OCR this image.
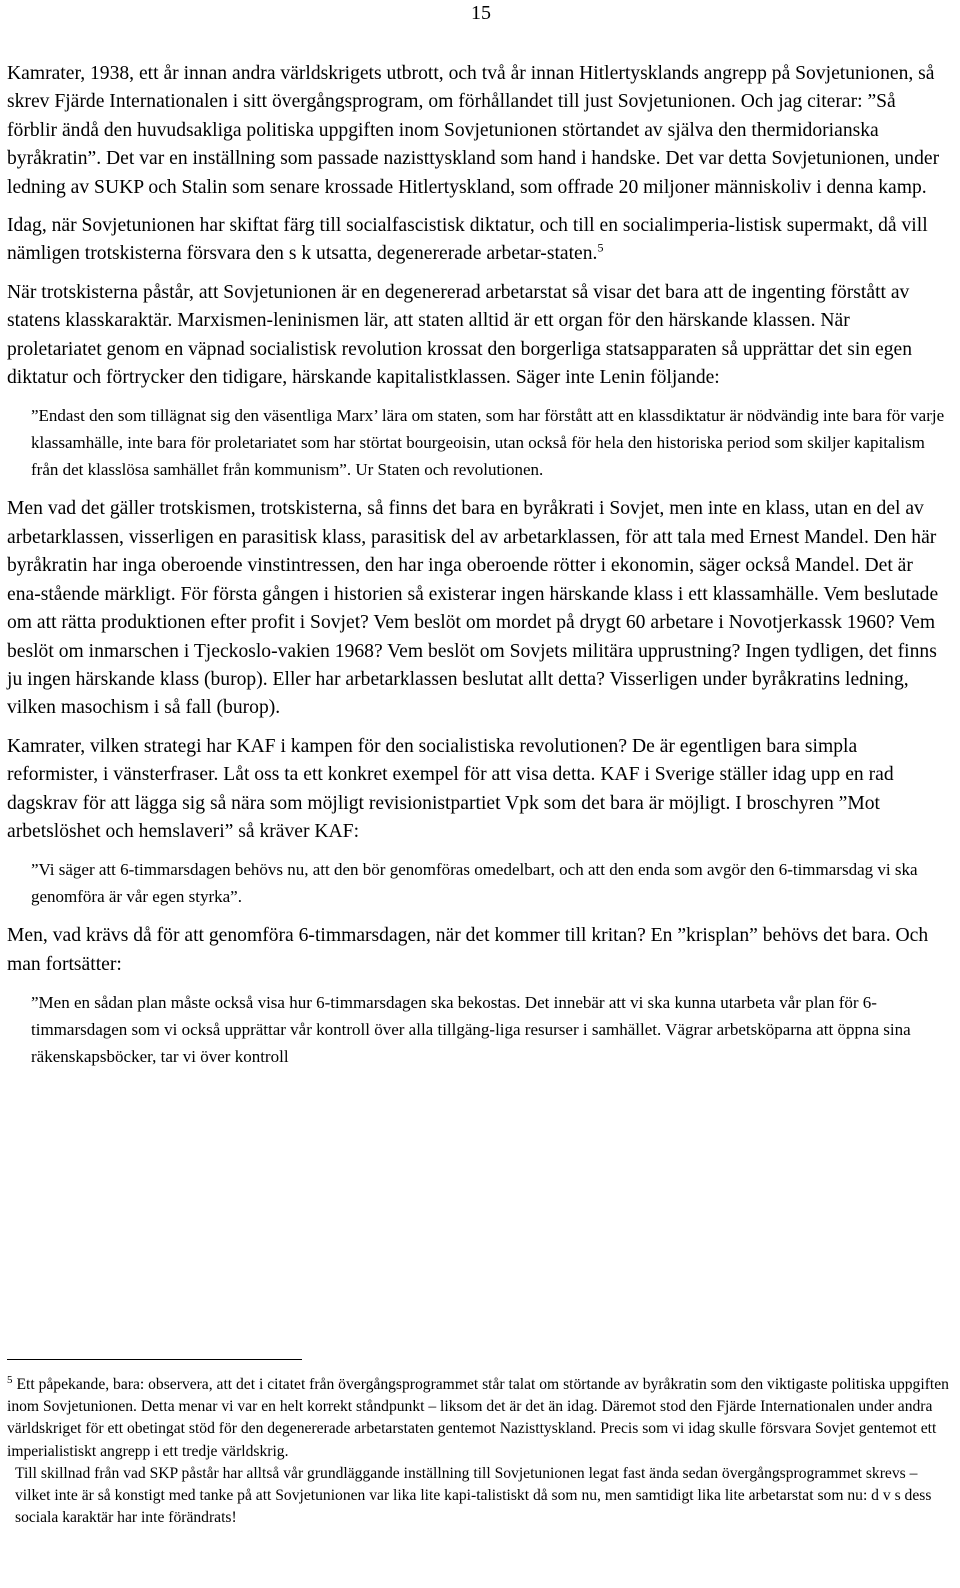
15

Kamrater, 1938, ett år innan andra världskrigets utbrott, och två år innan Hitlertysklands angrepp på Sovjetunionen, så skrev Fjärde Internationalen i sitt övergångsprogram, om förhållandet till just Sovjetunionen. Och jag citerar: ”Så förblir ändå den huvudsakliga politiska uppgiften inom Sovjetunionen störtandet av själva den thermidorianska byråkratin”. Det var en inställning som passade nazisttyskland som hand i handske. Det var detta Sovjetunionen, under ledning av SUKP och Stalin som senare krossade Hitlertyskland, som offrade 20 miljoner människoliv i denna kamp.

Idag, när Sovjetunionen har skiftat färg till socialfascistisk diktatur, och till en socialimperia-listisk supermakt, då vill nämligen trotskisterna försvara den s k utsatta, degenererade arbetar-staten.$^5$

När trotskisterna påstår, att Sovjetunionen är en degenererad arbetarstat så visar det bara att de ingenting förstått av statens klasskaraktär. Marxismen-leninismen lär, att staten alltid är ett organ för den härskande klassen. När proletariatet genom en väpnad socialistisk revolution krossat den borgerliga statsapparaten så upprättar det sin egen diktatur och förtrycker den tidigare, härskande kapitalistklassen. Säger inte Lenin följande:

”Endast den som tillägnat sig den väsentliga Marx’ lära om staten, som har förstått att en klassdiktatur är nödvändig inte bara för varje klassamhälle, inte bara för proletariatet som har störtat bourgeoisin, utan också för hela den historiska period som skiljer kapitalism från det klasslösa samhället från kommunism”. Ur Staten och revolutionen.

Men vad det gäller trotskismen, trotskisterna, så finns det bara en byråkrati i Sovjet, men inte en klass, utan en del av arbetarklassen, visserligen en parasitisk klass, parasitisk del av arbetarklassen, för att tala med Ernest Mandel. Den här byråkratin har inga oberoende vinstintressen, den har inga oberoende rötter i ekonomin, säger också Mandel. Det är ena-stående märkligt. För första gången i historien så existerar ingen härskande klass i ett klassamhälle. Vem beslutade om att rätta produktionen efter profit i Sovjet? Vem beslöt om mordet på drygt 60 arbetare i Novotjerkassk 1960? Vem beslöt om inmarschen i Tjeckoslo-vakien 1968? Vem beslöt om Sovjets militära upprustning? Ingen tydligen, det finns ju ingen härskande klass (burop). Eller har arbetarklassen beslutat allt detta? Visserligen under byråkratins ledning, vilken masochism i så fall (burop).

Kamrater, vilken strategi har KAF i kampen för den socialistiska revolutionen? De är egentligen bara simpla reformister, i vänsterfraser. Låt oss ta ett konkret exempel för att visa detta. KAF i Sverige ställer idag upp en rad dagskrav för att lägga sig så nära som möjligt revisionistpartiet Vpk som det bara är möjligt. I broschyren ”Mot arbetslöshet och hemslaveri” så kräver KAF:

”Vi säger att 6-timmarsdagen behövs nu, att den bör genomföras omedelbart, och att den enda som avgör den 6-timmarsdag vi ska genomföra är vår egen styrka”.

Men, vad krävs då för att genomföra 6-timmarsdagen, när det kommer till kritan? En ”krisplan” behövs det bara. Och man fortsätter:

”Men en sådan plan måste också visa hur 6-timmarsdagen ska bekostas. Det innebär att vi ska kunna utarbeta vår plan för 6-timmarsdagen som vi också upprättar vår kontroll över alla tillgäng-liga resurser i samhället. Vägrar arbetsköparna att öppna sina räkenskapsböcker, tar vi över kontroll

$^5$ Ett påpekande, bara: observera, att det i citatet från övergångsprogrammet står talat om störtande av byråkratin som den viktigaste politiska uppgiften inom Sovjetunionen. Detta menar vi var en helt korrekt ståndpunkt – liksom det är det än idag. Däremot stod den Fjärde Internationalen under andra världskriget för ett obetingat stöd för den degenererade arbetarstaten gentemot Nazisttyskland. Precis som vi idag skulle försvara Sovjet gentemot ett imperialistiskt angrepp i ett tredje världskrig.

Till skillnad från vad SKP påstår har alltså vår grundläggande inställning till Sovjetunionen legat fast ända sedan övergångsprogrammet skrevs – vilket inte är så konstigt med tanke på att Sovjetunionen var lika lite kapi-talistiskt då som nu, men samtidigt lika lite arbetarstat som nu: d v s dess sociala karaktär har inte förändrats!
